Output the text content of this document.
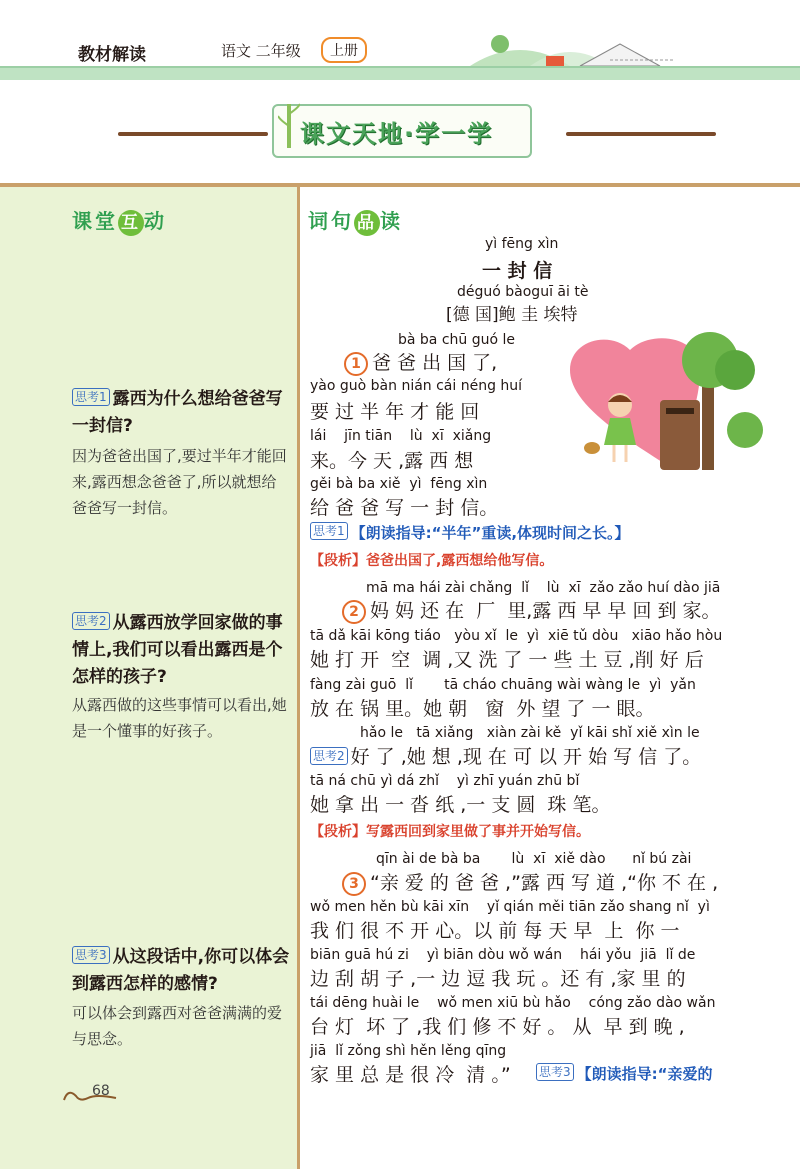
教材解读	语文 二年级	上册
课文天地·学一学
课堂 互 动
思考1 露西为什么想给爸爸写一封信?
因为爸爸出国了,要过半年才能回来,露西想念爸爸了,所以就想给爸爸写一封信。
思考2 从露西放学回家做的事情上,我们可以看出露西是个怎样的孩子?
从露西做的这些事情可以看出,她是一个懂事的好孩子。
思考3 从这段话中,你可以体会到露西怎样的感情?
可以体会到露西对爸爸满满的爱与思念。
68
词句 品 读
yì fēng xìn
一 封 信
déguó bàoguī āi tè
[德 国]鲍 圭 埃特
bà ba chū guó le
1 爸 爸 出 国 了,
yào guò bàn nián cái néng huí
要 过 半 年 才 能 回
lái    jīn tiān    lù  xī  xiǎng
来。今 天 ,露 西 想
gěi bà ba xiě  yì  fēng xìn
给 爸 爸 写 一 封 信。
思考1 【朗读指导:“半年”重读,体现时间之长。】
【段析】爸爸出国了,露西想给他写信。
mā ma hái zài chǎng  lǐ    lù  xī  zǎo zǎo huí dào jiā
2 妈 妈 还 在  厂  里,露 西 早 早 回 到 家。
tā dǎ kāi kōng tiáo   yòu xǐ  le  yì  xiē tǔ dòu   xiāo hǎo hòu
她 打 开  空  调 ,又 洗 了 一 些 土 豆 ,削 好 后
fàng zài guō  lǐ       tā cháo chuāng wài wàng le  yì  yǎn
放 在 锅 里。她 朝   窗  外 望 了 一 眼。
hǎo le   tā xiǎng   xiàn zài kě  yǐ kāi shǐ xiě xìn le
思考2 好 了 ,她 想 ,现 在 可 以 开 始 写 信 了。
tā ná chū yì dá zhǐ    yì zhī yuán zhū bǐ
她 拿 出 一 沓 纸 ,一 支 圆  珠 笔。
【段析】写露西回到家里做了事并开始写信。
qīn ài de bà ba       lù  xī  xiě dào      nǐ bú zài
3 “亲 爱 的 爸 爸 ,”露 西 写 道 ,“你 不 在 ,
wǒ men hěn bù kāi xīn    yǐ qián měi tiān zǎo shang nǐ  yì
我 们 很 不 开 心。以 前 每 天 早  上  你 一
biān guā hú zi    yì biān dòu wǒ wán    hái yǒu  jiā  lǐ de
边 刮 胡 子 ,一 边 逗 我 玩 。还 有 ,家 里 的
tái dēng huài le    wǒ men xiū bù hǎo    cóng zǎo dào wǎn
台 灯  坏 了 ,我 们 修 不 好 。 从  早 到 晚 ,
jiā  lǐ zǒng shì hěn lěng qīng
家 里 总 是 很 冷  清 。” 思考3 【朗读指导:“亲爱的
